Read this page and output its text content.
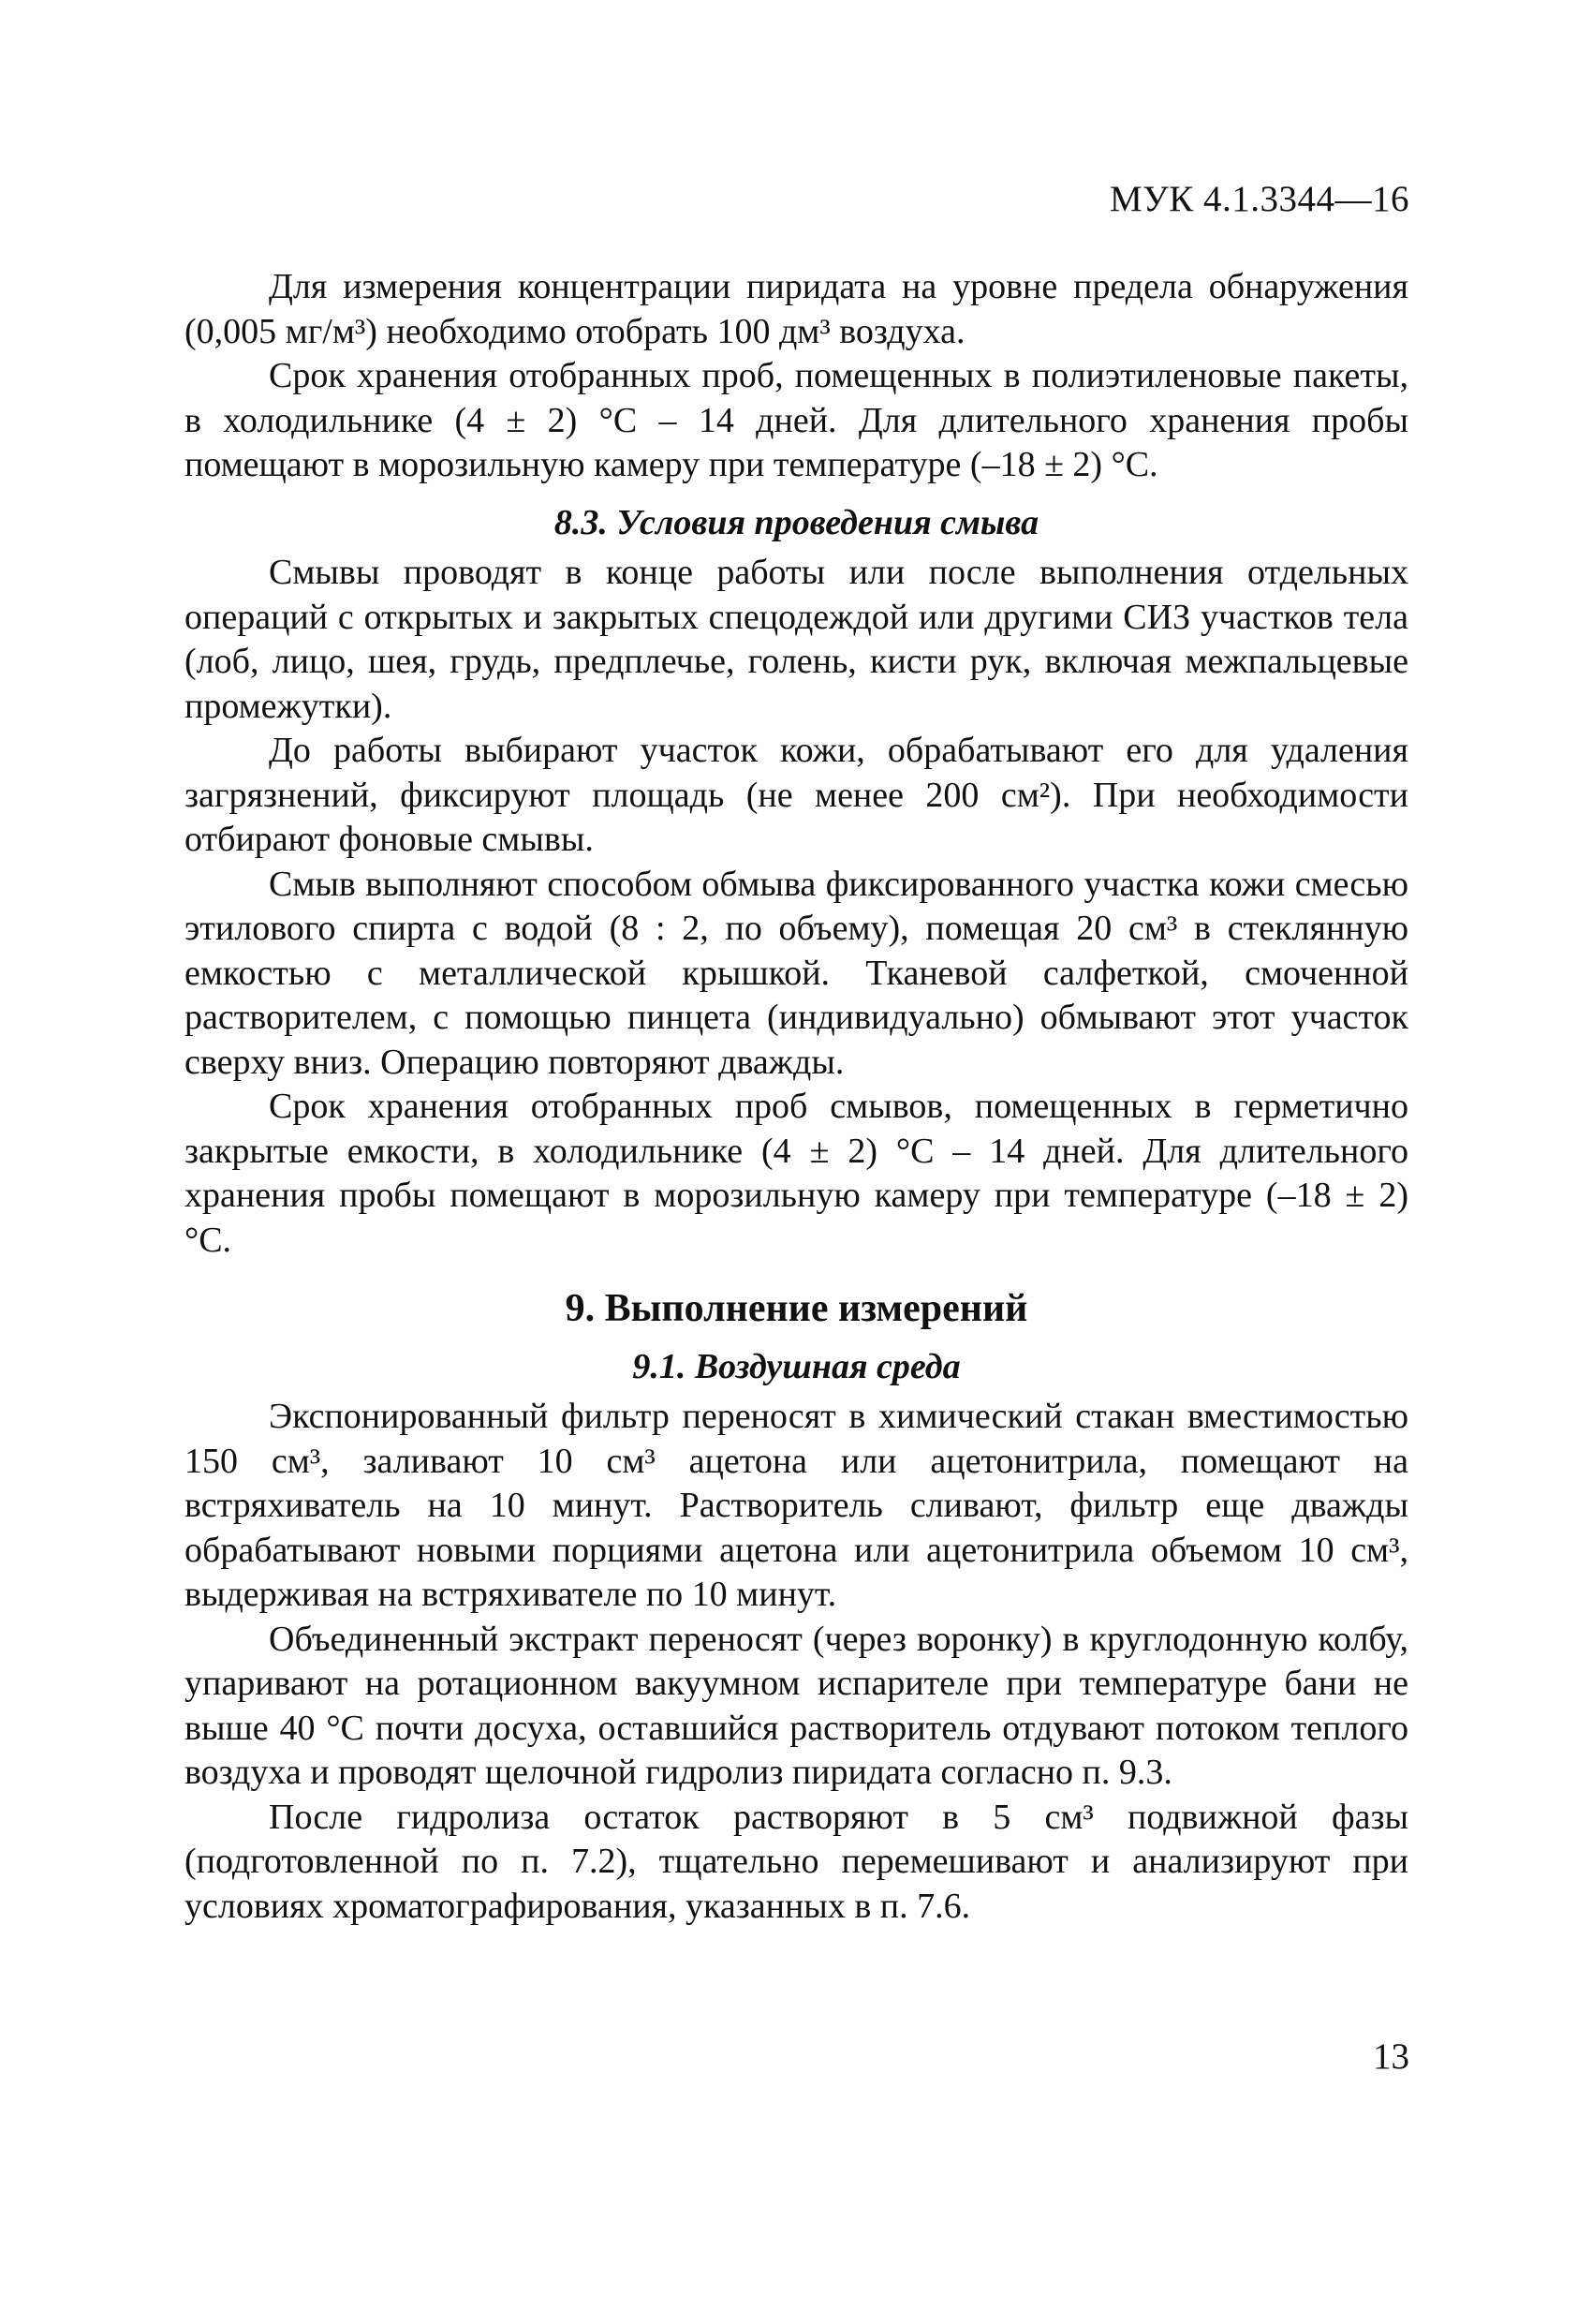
МУК 4.1.3344—16

Для измерения концентрации пиридата на уровне предела обнаружения (0,005 мг/м³) необходимо отобрать 100 дм³ воздуха.

Срок хранения отобранных проб, помещенных в полиэтиленовые пакеты, в холодильнике (4 ± 2) °С – 14 дней. Для длительного хранения пробы помещают в морозильную камеру при температуре (–18 ± 2) °С.

8.3. Условия проведения смыва

Смывы проводят в конце работы или после выполнения отдельных операций с открытых и закрытых спецодеждой или другими СИЗ участков тела (лоб, лицо, шея, грудь, предплечье, голень, кисти рук, включая межпальцевые промежутки).

До работы выбирают участок кожи, обрабатывают его для удаления загрязнений, фиксируют площадь (не менее 200 см²). При необходимости отбирают фоновые смывы.

Смыв выполняют способом обмыва фиксированного участка кожи смесью этилового спирта с водой (8 : 2, по объему), помещая 20 см³ в стеклянную емкостью с металлической крышкой. Тканевой салфеткой, смоченной растворителем, с помощью пинцета (индивидуально) обмывают этот участок сверху вниз. Операцию повторяют дважды.

Срок хранения отобранных проб смывов, помещенных в герметично закрытые емкости, в холодильнике (4 ± 2) °С – 14 дней. Для длительного хранения пробы помещают в морозильную камеру при температуре (–18 ± 2) °С.

9. Выполнение измерений

9.1. Воздушная среда

Экспонированный фильтр переносят в химический стакан вместимостью 150 см³, заливают 10 см³ ацетона или ацетонитрила, помещают на встряхиватель на 10 минут. Растворитель сливают, фильтр еще дважды обрабатывают новыми порциями ацетона или ацетонитрила объемом 10 см³, выдерживая на встряхивателе по 10 минут.

Объединенный экстракт переносят (через воронку) в круглодонную колбу, упаривают на ротационном вакуумном испарителе при температуре бани не выше 40 °С почти досуха, оставшийся растворитель отдувают потоком теплого воздуха и проводят щелочной гидролиз пиридата согласно п. 9.3.

После гидролиза остаток растворяют в 5 см³ подвижной фазы (подготовленной по п. 7.2), тщательно перемешивают и анализируют при условиях хроматографирования, указанных в п. 7.6.

13
